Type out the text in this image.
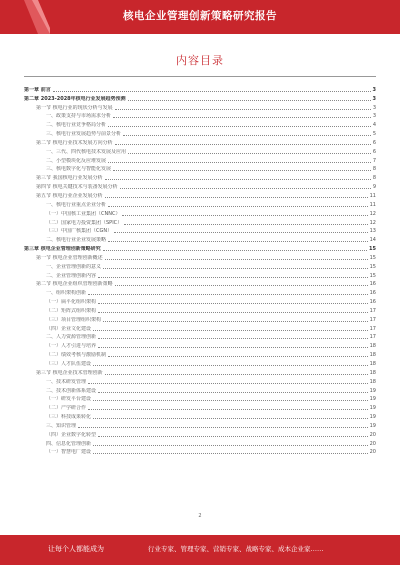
核电企业管理创新策略研究报告
内容目录
第一章 前言	3
第二章 2023-2028年核电行业发展趋势预测	3
第一节 核电行业的现状分析与发展	3
一、政策支持与市场需求分析	3
二、核电行业竞争格局分析	4
三、核电行业发展趋势与前景分析	5
第二节 核电行业技术发展方向分析	6
一、三代、四代核电技术发展及应用	6
二、小型模块化反应堆发展	7
三、核电数字化与智能化发展	8
第三节 我国核电行业发展分析	8
第四节 核电关键技术与装备发展分析	9
第五节 核电行业企业发展分析	11
一、核电行业重点企业分析	11
（一）中国核工业集团（CNNC）	12
（二）国家电力投资集团（SPIC）	12
（三）中国广核集团（CGN）	13
二、核电行业企业发展策略	14
第三章 核电企业管理创新策略研究	15
第一节 核电企业管理创新概述	15
一、企业管理创新的意义	15
二、企业管理创新内容	15
第二节 核电企业组织管理创新策略	16
一、组织架构创新	16
（一）扁平化组织架构	16
（二）矩阵式组织架构	17
（三）项目管理组织架构	17
（四）企业文化建设	17
二、人力资源管理创新	17
（一）人才引进与培养	18
（二）绩效考核与激励机制	18
（三）人才队伍建设	18
第三节 核电企业技术管理创新	18
一、技术研发管理	18
二、技术创新体系建设	19
（一）研发平台建设	19
（二）产学研合作	19
（三）科技成果转化	19
三、知识管理	19
（四）企业数字化转型	20
四、信息化管理创新	20
（一）智慧电厂建设	20
2
让每个人都能成为	行业专家、管理专家、营销专家、战略专家、成本企业家……
